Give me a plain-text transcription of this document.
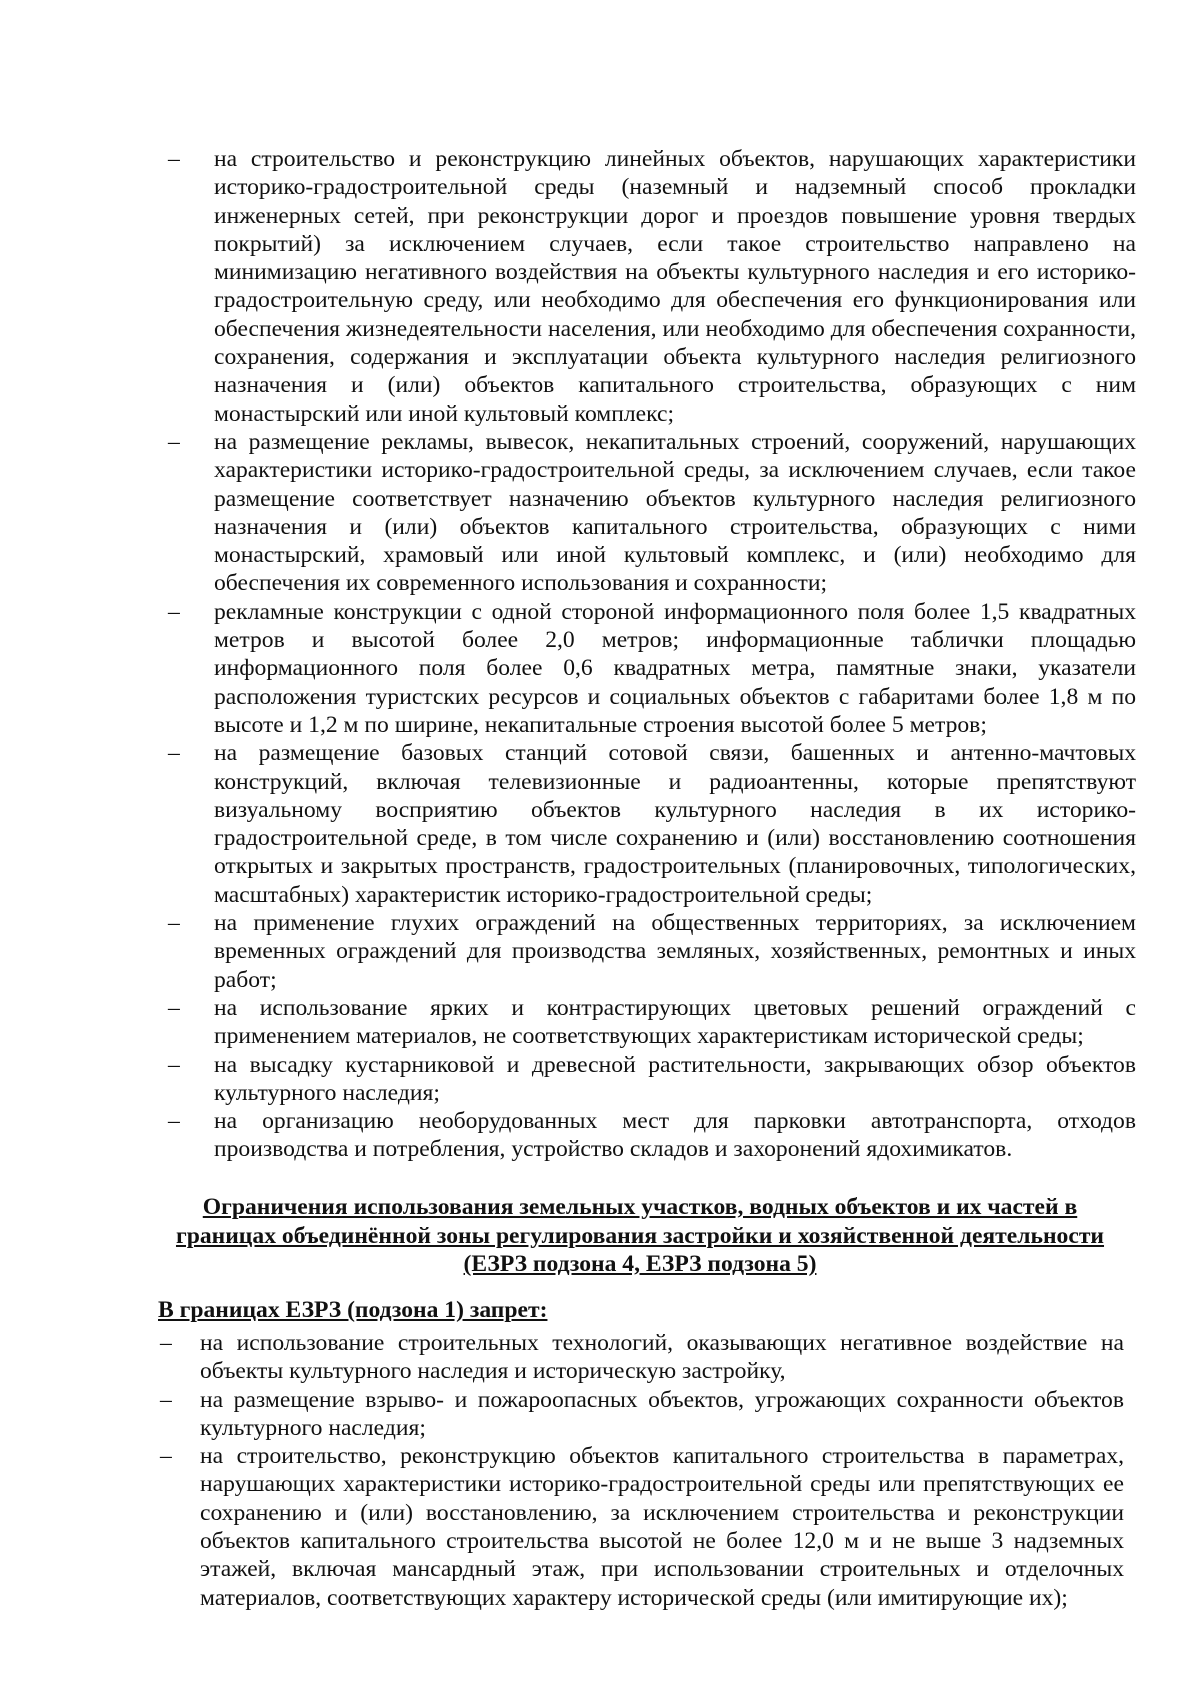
– на строительство и реконструкцию линейных объектов, нарушающих характеристики историко-градостроительной среды (наземный и надземный способ прокладки инженерных сетей, при реконструкции дорог и проездов повышение уровня твердых покрытий) за исключением случаев, если такое строительство направлено на минимизацию негативного воздействия на объекты культурного наследия и его историко-градостроительную среду, или необходимо для обеспечения его функционирования или обеспечения жизнедеятельности населения, или необходимо для обеспечения сохранности, сохранения, содержания и эксплуатации объекта культурного наследия религиозного назначения и (или) объектов капитального строительства, образующих с ним монастырский или иной культовый комплекс;
– на размещение рекламы, вывесок, некапитальных строений, сооружений, нарушающих характеристики историко-градостроительной среды, за исключением случаев, если такое размещение соответствует назначению объектов культурного наследия религиозного назначения и (или) объектов капитального строительства, образующих с ними монастырский, храмовый или иной культовый комплекс, и (или) необходимо для обеспечения их современного использования и сохранности;
– рекламные конструкции с одной стороной информационного поля более 1,5 квадратных метров и высотой более 2,0 метров; информационные таблички площадью информационного поля более 0,6 квадратных метра, памятные знаки, указатели расположения туристских ресурсов и социальных объектов с габаритами более 1,8 м по высоте и 1,2 м по ширине, некапитальные строения высотой более 5 метров;
– на размещение базовых станций сотовой связи, башенных и антенно-мачтовых конструкций, включая телевизионные и радиоантенны, которые препятствуют визуальному восприятию объектов культурного наследия в их историко-градостроительной среде, в том числе сохранению и (или) восстановлению соотношения открытых и закрытых пространств, градостроительных (планировочных, типологических, масштабных) характеристик историко-градостроительной среды;
– на применение глухих ограждений на общественных территориях, за исключением временных ограждений для производства земляных, хозяйственных, ремонтных и иных работ;
– на использование ярких и контрастирующих цветовых решений ограждений с применением материалов, не соответствующих характеристикам исторической среды;
– на высадку кустарниковой и древесной растительности, закрывающих обзор объектов культурного наследия;
– на организацию необорудованных мест для парковки автотранспорта, отходов производства и потребления, устройство складов и захоронений ядохимикатов.
Ограничения использования земельных участков, водных объектов и их частей в
границах объединённой зоны регулирования застройки и хозяйственной деятельности
(ЕЗРЗ подзона 4, ЕЗРЗ подзона 5)
В границах ЕЗРЗ (подзона 1) запрет:
– на использование строительных технологий, оказывающих негативное воздействие на объекты культурного наследия и историческую застройку,
– на размещение взрыво- и пожароопасных объектов, угрожающих сохранности объектов культурного наследия;
– на строительство, реконструкцию объектов капитального строительства в параметрах, нарушающих характеристики историко-градостроительной среды или препятствующих ее сохранению и (или) восстановлению, за исключением строительства и реконструкции объектов капитального строительства высотой не более 12,0 м и не выше 3 надземных этажей, включая мансардный этаж, при использовании строительных и отделочных материалов, соответствующих характеру исторической среды (или имитирующие их);
